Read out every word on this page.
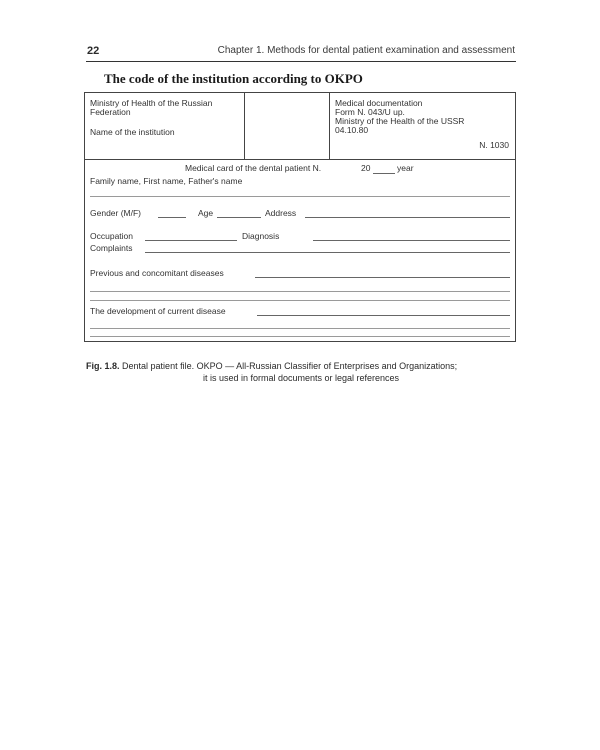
22	Chapter 1. Methods for dental patient examination and assessment
The code of the institution according to OKPO
Ministry of Health of the Russian
Federation
Name of the institution
Medical documentation
Form N. 043/U up.
Ministry of the Health of the USSR
04.10.80
N. 1030
Medical card of the dental patient N.	20	year
Family name, First name, Father's name
Gender (M/F)	Age	Address
Occupation	Diagnosis
Complaints
Previous and concomitant diseases
The development of current disease
Fig. 1.8. Dental patient file. OKPO — All-Russian Classifier of Enterprises and Organizations;
it is used in formal documents or legal references
